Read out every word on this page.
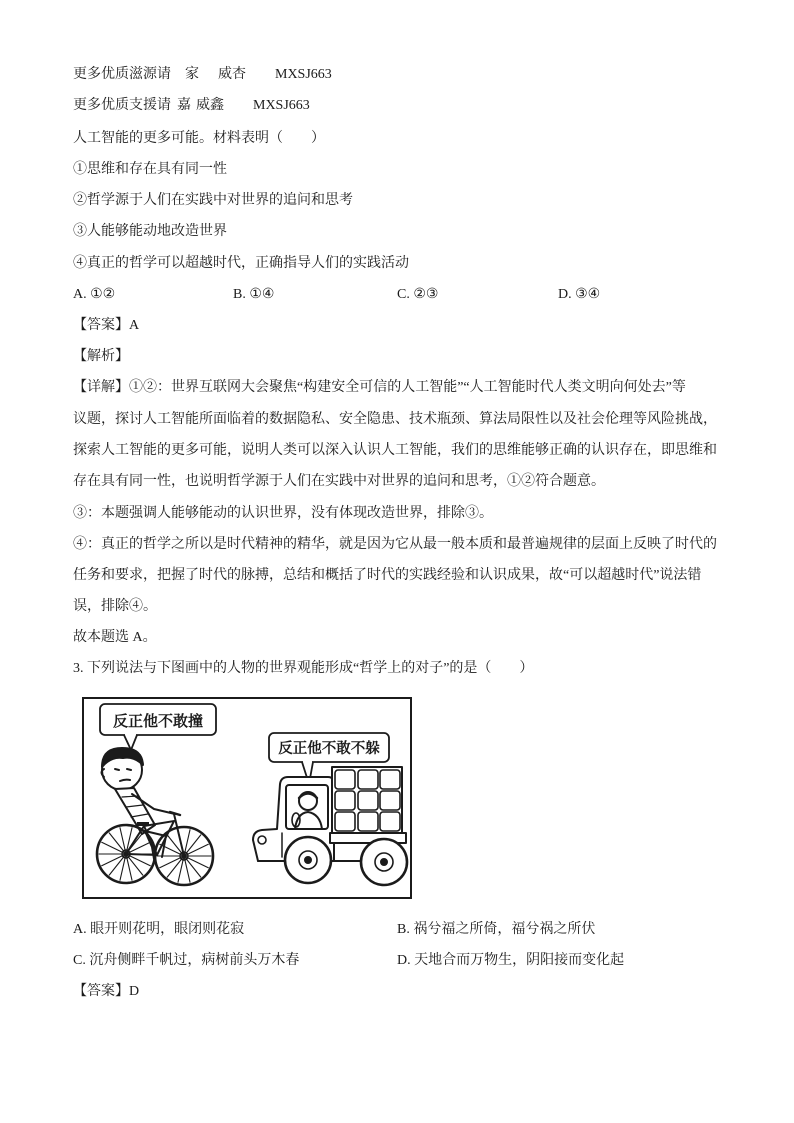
更多优质滋源请 家 威杏 MXSJ663
更多优质支援请 嘉 威鑫 MXSJ663
人工智能的更多可能。材料表明（　　）
①思维和存在具有同一性
②哲学源于人们在实践中对世界的追问和思考
③人能够能动地改造世界
④真正的哲学可以超越时代，正确指导人们的实践活动
A. ①②	B. ①④	C. ②③	D. ③④
【答案】A
【解析】
【详解】①②：世界互联网大会聚焦“构建安全可信的人工智能”“人工智能时代人类文明向何处去”等
议题，探讨人工智能所面临着的数据隐私、安全隐患、技术瓶颈、算法局限性以及社会伦理等风险挑战，
探索人工智能的更多可能，说明人类可以深入认识人工智能，我们的思维能够正确的认识存在，即思维和
存在具有同一性，也说明哲学源于人们在实践中对世界的追问和思考，①②符合题意。
③：本题强调人能够能动的认识世界，没有体现改造世界，排除③。
④：真正的哲学之所以是时代精神的精华，就是因为它从最一般本质和最普遍规律的层面上反映了时代的
任务和要求，把握了时代的脉搏，总结和概括了时代的实践经验和认识成果，故“可以超越时代”说法错
误，排除④。
故本题选 A。
3. 下列说法与下图画中的人物的世界观能形成“哲学上的对子”的是（　　）
反正他不敢撞
反正他不敢不躲
A. 眼开则花明，眼闭则花寂	B. 祸兮福之所倚，福兮祸之所伏
C. 沉舟侧畔千帆过，病树前头万木春	D. 天地合而万物生，阴阳接而变化起
【答案】D
